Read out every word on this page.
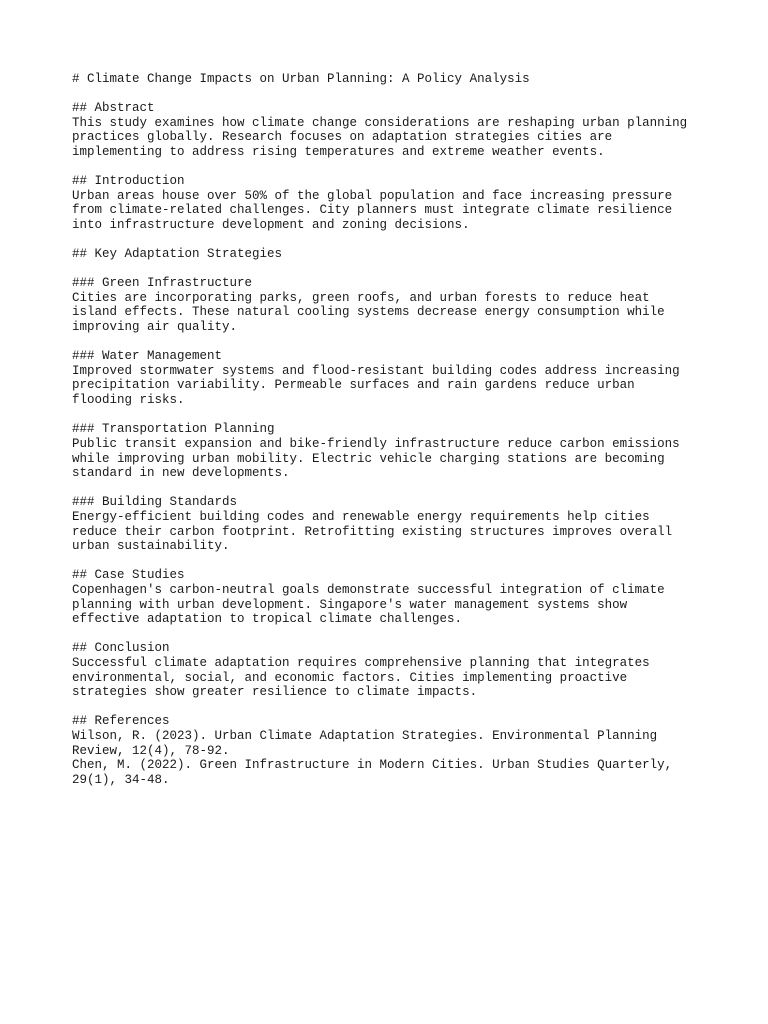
# Climate Change Impacts on Urban Planning: A Policy Analysis
## Abstract
This study examines how climate change considerations are reshaping urban planning
practices globally. Research focuses on adaptation strategies cities are
implementing to address rising temperatures and extreme weather events.
## Introduction
Urban areas house over 50% of the global population and face increasing pressure
from climate-related challenges. City planners must integrate climate resilience
into infrastructure development and zoning decisions.
## Key Adaptation Strategies
### Green Infrastructure
Cities are incorporating parks, green roofs, and urban forests to reduce heat
island effects. These natural cooling systems decrease energy consumption while
improving air quality.
### Water Management
Improved stormwater systems and flood-resistant building codes address increasing
precipitation variability. Permeable surfaces and rain gardens reduce urban
flooding risks.
### Transportation Planning
Public transit expansion and bike-friendly infrastructure reduce carbon emissions
while improving urban mobility. Electric vehicle charging stations are becoming
standard in new developments.
### Building Standards
Energy-efficient building codes and renewable energy requirements help cities
reduce their carbon footprint. Retrofitting existing structures improves overall
urban sustainability.
## Case Studies
Copenhagen's carbon-neutral goals demonstrate successful integration of climate
planning with urban development. Singapore's water management systems show
effective adaptation to tropical climate challenges.
## Conclusion
Successful climate adaptation requires comprehensive planning that integrates
environmental, social, and economic factors. Cities implementing proactive
strategies show greater resilience to climate impacts.
## References
Wilson, R. (2023). Urban Climate Adaptation Strategies. Environmental Planning
Review, 12(4), 78-92.
Chen, M. (2022). Green Infrastructure in Modern Cities. Urban Studies Quarterly,
29(1), 34-48.
